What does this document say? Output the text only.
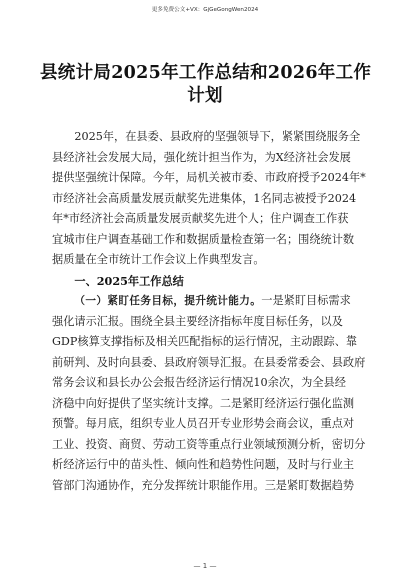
更多免费公文+VX：GjGeGongWen2024
县统计局2025年工作总结和2026年工作
计划
2025年，在县委、县政府的坚强领导下，紧紧围绕服务全
县经济社会发展大局，强化统计担当作为，为X经济社会发展
提供坚强统计保障。今年，局机关被市委、市政府授予2024年*
市经济社会高质量发展贡献奖先进集体，1名同志被授予2024
年*市经济社会高质量发展贡献奖先进个人；住户调查工作获
宜城市住户调查基础工作和数据质量检查第一名；围绕统计数
据质量在全市统计工作会议上作典型发言。
一、2025年工作总结
（一）紧盯任务目标，提升统计能力。一是紧盯目标需求
强化请示汇报。围绕全县主要经济指标年度目标任务，以及
GDP核算支撑指标及相关匹配指标的运行情况，主动跟踪、靠
前研判、及时向县委、县政府领导汇报。在县委常委会、县政府
常务会议和县长办公会报告经济运行情况10余次，为全县经
济稳中向好提供了坚实统计支撑。二是紧盯经济运行强化监测
预警。每月底，组织专业人员召开专业形势会商会议，重点对
工业、投资、商贸、劳动工资等重点行业领域预测分析，密切分
析经济运行中的苗头性、倾向性和趋势性问题，及时与行业主
管部门沟通协作，充分发挥统计职能作用。三是紧盯数据趋势
— 1 —
